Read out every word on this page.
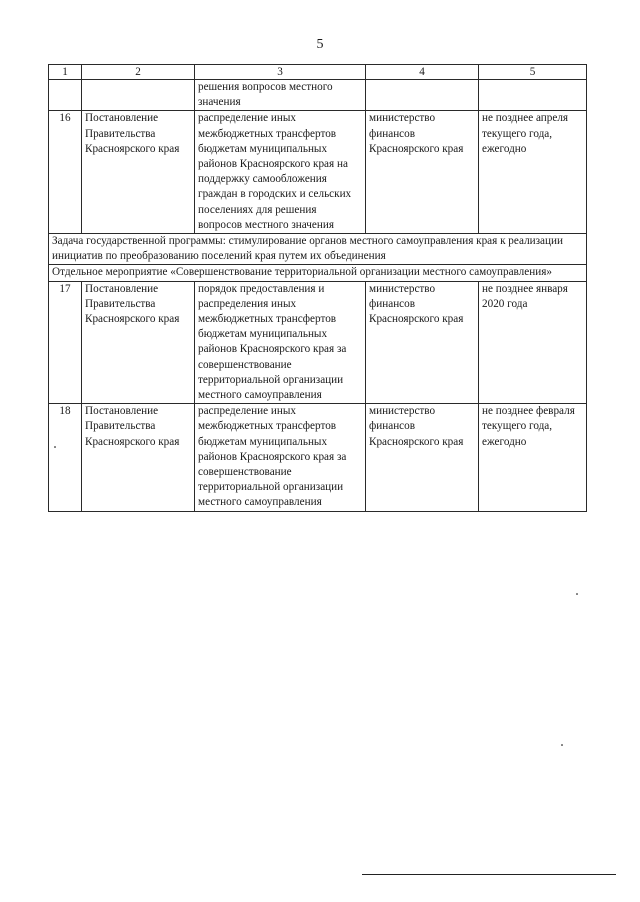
5
1	2	3	4	5
		решения вопросов местного значения		
16	Постановление Правительства Красноярского края	распределение иных межбюджетных трансфертов бюджетам муниципальных районов Красноярского края на поддержку самообложения граждан в городских и сельских поселениях для решения вопросов местного значения	министерство финансов Красноярского края	не позднее апреля текущего года, ежегодно
Задача государственной программы: стимулирование органов местного самоуправления края к реализации инициатив по преобразованию поселений края путем их объединения				
Отдельное мероприятие «Совершенствование территориальной организации местного самоуправления»				
17	Постановление Правительства Красноярского края	порядок предоставления и распределения иных межбюджетных трансфертов бюджетам муниципальных районов Красноярского края за совершенствование территориальной организации местного самоуправления	министерство финансов Красноярского края	не позднее января 2020 года
18	Постановление Правительства Красноярского края	распределение иных межбюджетных трансфертов бюджетам муниципальных районов Красноярского края за совершенствование территориальной организации местного самоуправления	министерство финансов Красноярского края	не позднее февраля текущего года, ежегодно
